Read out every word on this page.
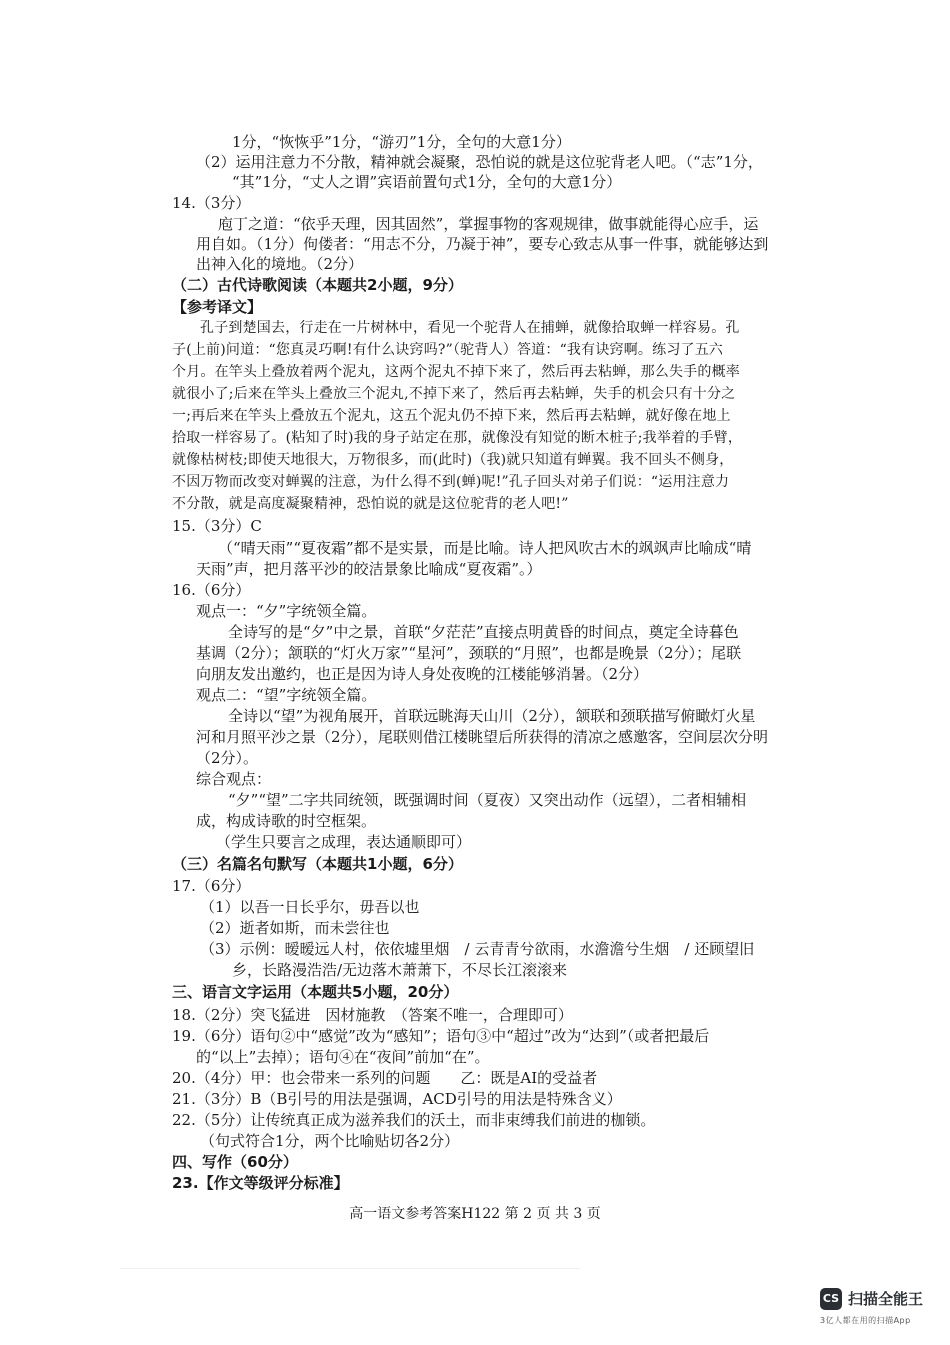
1分，“恢恢乎”1分，“游刃”1分，全句的大意1分）
（2）运用注意力不分散，精神就会凝聚，恐怕说的就是这位驼背老人吧。（“志”1分，
“其”1分，“丈人之谓”宾语前置句式1分，全句的大意1分）
14.（3分）
庖丁之道：“依乎天理，因其固然”，掌握事物的客观规律，做事就能得心应手，运
用自如。（1分）佝偻者：“用志不分，乃凝于神”，要专心致志从事一件事，就能够达到
出神入化的境地。（2分）
（二）古代诗歌阅读（本题共2小题，9分）
【参考译文】
孔子到楚国去，行走在一片树林中，看见一个驼背人在捕蝉，就像拾取蝉一样容易。孔
子(上前)问道：“您真灵巧啊!有什么诀窍吗?”（驼背人）答道：“我有诀窍啊。练习了五六
个月。在竿头上叠放着两个泥丸，这两个泥丸不掉下来了，然后再去粘蝉，那么失手的概率
就很小了;后来在竿头上叠放三个泥丸,不掉下来了，然后再去粘蝉，失手的机会只有十分之
一;再后来在竿头上叠放五个泥丸，这五个泥丸仍不掉下来，然后再去粘蝉，就好像在地上
拾取一样容易了。(粘知了时)我的身子站定在那，就像没有知觉的断木桩子;我举着的手臂，
就像枯树枝;即使天地很大，万物很多，而(此时)（我)就只知道有蝉翼。我不回头不侧身，
不因万物而改变对蝉翼的注意，为什么得不到(蝉)呢!”孔子回头对弟子们说：“运用注意力
不分散，就是高度凝聚精神，恐怕说的就是这位驼背的老人吧!”
15.（3分）C
（“晴天雨”“夏夜霜”都不是实景，而是比喻。诗人把风吹古木的飒飒声比喻成“晴
天雨”声，把月落平沙的皎洁景象比喻成“夏夜霜”。）
16.（6分）
观点一：“夕”字统领全篇。
全诗写的是“夕”中之景，首联“夕茫茫”直接点明黄昏的时间点，奠定全诗暮色
基调（2分）；颔联的“灯火万家”“星河”，颈联的“月照”，也都是晚景（2分）；尾联
向朋友发出邀约，也正是因为诗人身处夜晚的江楼能够消暑。（2分）
观点二：“望”字统领全篇。
全诗以“望”为视角展开，首联远眺海天山川（2分），颔联和颈联描写俯瞰灯火星
河和月照平沙之景（2分），尾联则借江楼眺望后所获得的清凉之感邀客，空间层次分明
（2分）。
综合观点：
“夕”“望”二字共同统领，既强调时间（夏夜）又突出动作（远望），二者相辅相
成，构成诗歌的时空框架。
（学生只要言之成理，表达通顺即可）
（三）名篇名句默写（本题共1小题，6分）
17.（6分）
（1）以吾一日长乎尔，毋吾以也
（2）逝者如斯，而未尝往也
（3）示例：暧暧远人村，依依墟里烟　/ 云青青兮欲雨，水澹澹兮生烟　/ 还顾望旧
乡，长路漫浩浩/无边落木萧萧下，不尽长江滚滚来
三、语言文字运用（本题共5小题，20分）
18.（2分）突飞猛进　因材施教　（答案不唯一，合理即可）
19.（6分）语句②中“感觉”改为“感知”；语句③中“超过”改为“达到”（或者把最后
的“以上”去掉）；语句④在“夜间”前加“在”。
20.（4分）甲：也会带来一系列的问题　　乙：既是AI的受益者
21.（3分）B（B引号的用法是强调，ACD引号的用法是特殊含义）
22.（5分）让传统真正成为滋养我们的沃土，而非束缚我们前进的枷锁。
（句式符合1分，两个比喻贴切各2分）
四、写作（60分）
23.【作文等级评分标准】
高一语文参考答案H122 第 2 页 共 3 页
CS 扫描全能王
3亿人都在用的扫描App
